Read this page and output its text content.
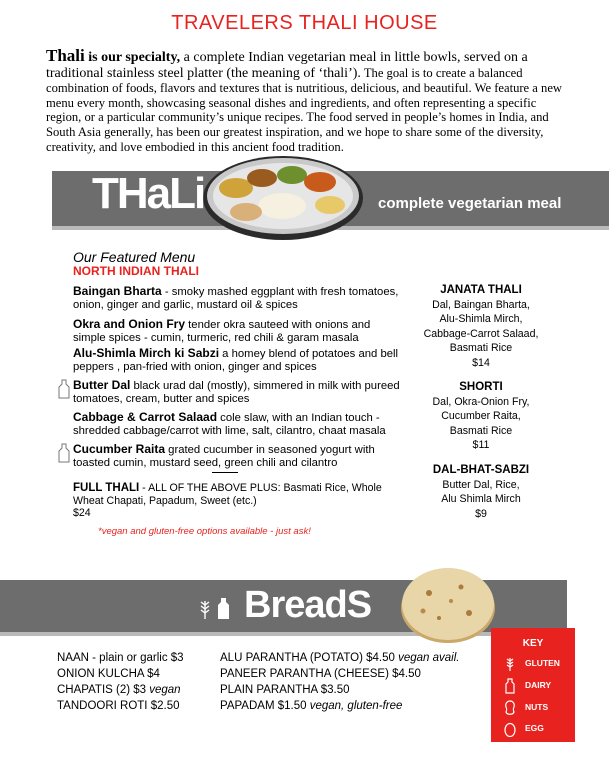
TRAVELERS THALI HOUSE
Thali is our specialty, a complete Indian vegetarian meal in little bowls, served on a traditional stainless steel platter (the meaning of ‘thali’). The goal is to create a balanced combination of foods, flavors and textures that is nutritious, delicious, and beautiful. We feature a new menu every month, showcasing seasonal dishes and ingredients, and often representing a specific region, or a particular community’s unique recipes. The food served in people’s homes in India, and South Asia generally, has been our greatest inspiration, and we hope to share some of the diversity, creativity, and love embodied in this ancient food tradition.
THaLi	complete vegetarian meal
Our Featured Menu
NORTH INDIAN THALI
Baingan Bharta - smoky mashed eggplant with fresh tomatoes, onion, ginger and garlic, mustard oil & spices
Okra and Onion Fry tender okra sauteed with onions and simple spices - cumin, turmeric, red chili & garam masala
Alu-Shimla Mirch ki Sabzi a homey blend of potatoes and bell peppers , pan-fried with onion, ginger and spices
Butter Dal black urad dal (mostly), simmered in milk with pureed tomatoes, cream, butter and spices
Cabbage & Carrot Salaad cole slaw, with an Indian touch - shredded cabbage/carrot with lime, salt, cilantro, chaat masala
Cucumber Raita grated cucumber in seasoned yogurt with toasted cumin, mustard seed, green chili and cilantro
FULL THALI - ALL OF THE ABOVE PLUS: Basmati Rice, Whole Wheat Chapati, Papadum, Sweet (etc.)
$24
*vegan and gluten-free options available - just ask!
JANATA THALI
Dal, Baingan Bharta,
Alu-Shimla Mirch,
Cabbage-Carrot Salaad,
Basmati Rice
$14
SHORTI
Dal, Okra-Onion Fry,
Cucumber Raita,
Basmati Rice
$11
DAL-BHAT-SABZI
Butter Dal, Rice,
Alu Shimla Mirch
$9
BreadS
NAAN - plain or garlic $3
ONION KULCHA $4
CHAPATIS (2) $3 vegan
TANDOORI ROTI $2.50
ALU PARANTHA (POTATO) $4.50 vegan avail.
PANEER PARANTHA (CHEESE) $4.50
PLAIN PARANTHA $3.50
PAPADAM $1.50 vegan, gluten-free
KEY
GLUTEN
DAIRY
NUTS
EGG
